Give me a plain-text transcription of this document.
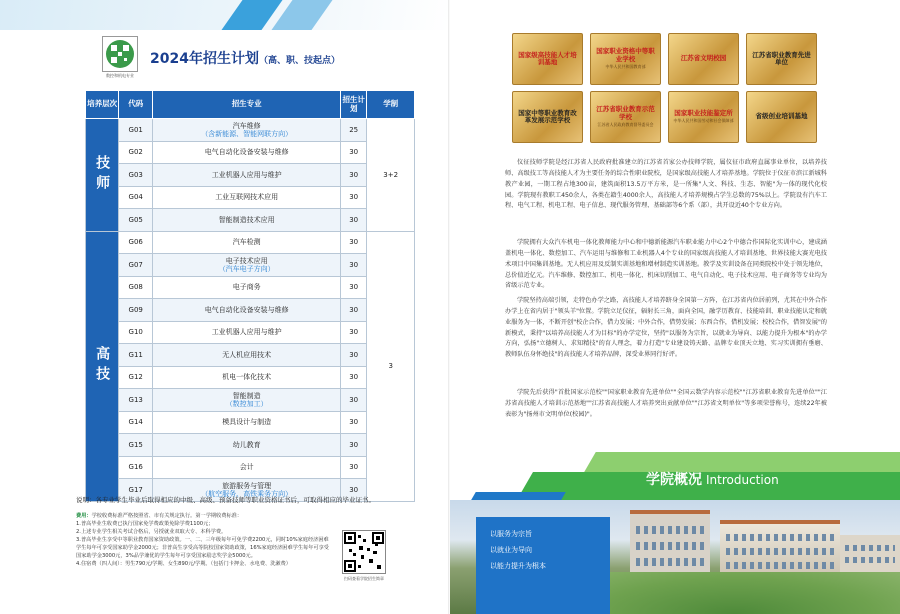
数控和机电专业
2024年招生计划（高、职、技起点）
培养层次	代码	招生专业	招生计划	学制
技师	G01	汽车维修
（含新能源、智能网联方向）	25	3+2
	G02	电气自动化设备安装与维修	30	
	G03	工业机器人应用与维护	30	
	G04	工业互联网技术应用	30	
	G05	智能制造技术应用	30	
高技	G06	汽车检测	30	3
	G07	电子技术应用
（汽车电子方向）	30	
	G08	电子商务	30	
	G09	电气自动化设备安装与维修	30	
	G10	工业机器人应用与维护	30	
	G11	无人机应用技术	30	
	G12	机电一体化技术	30	
	G13	智能制造
（数控加工）	30	
	G14	模具设计与制造	30	
	G15	幼儿教育	30	
	G16	会计	30	
	G17	旅游服务与管理
（航空服务、高铁乘务方向）	30	
说明：各专业学生毕业后取得相应的中级、高级、预备技师等职业资格证书后，可取得相应的毕业证书。
费用：学校收费标准严格按照省、市有关规定执行。第一学期收费标准：
1.普高毕业生收费已执行国家免学费政策免除学费1100元；
2.上述专业学生相关考试合格后，另授就业双取大专、本科学费。
3.普高毕业生享受中等职业教育国家资助政策。一、二、三年级每年可免学费2200元，同时10%家庭经济困难学生每年可享受国家助学金2000元；非普高生享受高等院校国家资助政策，16%家庭经济困难学生每年可享受国家助学金3000元，3%品学兼优的学生每年可享受国家励志奖学金5000元。
4.住宿费（四人间）：男生790元/学期、女生890元/学期。（包括门卡押金、水电费、洗漱费）
扫码查看学院招生简章
国家级高技能人才培训基地
国家职业资格中等职业学校
中华人民共和国教育部
江苏省文明校园	江苏省职业教育先进单位
国家中等职业教育改革发展示范学校
江苏省职业教育示范学校
江苏省人民政府教育督导委员会
国家职业技能鉴定所
中华人民共和国劳动和社会保障部
省级创业培训基地
仪征技师学院是经江苏省人民政府批准建立的江苏省首家公办技师学院，属仪征市政府直属事业单位，以培养技师、高级技工等高技能人才为主要任务的综合性职业院校，是国家级高技能人才培养基地。学院位于仪征市滨江新城科教产业园，一期工程占地300亩，建筑面积13.5万平方米，是一所集"人文、科技、生态、智能"为一体的现代化校园。学院现有教职工450余人，各类在籍生4000余人，高技能人才培养规模占学生总数的75%以上。学院设有汽车工程、电气工程、机电工程、电子信息、现代服务管理、基础部等6个系（部），共开设近40个专业方向。
学院拥有大众汽车机电一体化教师能力中心和中德新能源汽车职业能力中心2个中德合作国际化实训中心，建成涵盖机电一体化、数控加工、汽车运用与维修和工业机器人4个专业的国家级高技能人才培训基地、世界技能大赛光电技术项目中国集训基地。无人机应用及反制实训基地和增材制造实训基地。教学及实训设备在同类院校中处于领先地位，总价值近亿元。汽车维修、数控加工、机电一体化、机床切削加工、电气自动化、电子技术应用、电子商务等专业均为省级示范专业。
学院坚持高端引领，走特色办学之路，高技能人才培养跻身全国第一方阵，在江苏省内位居前列，尤其在中外合作办学上在省内居于"领头羊"位置。学院立足仪征，辐射长三角，面向全国，融学历教育、技能培训、职业技能认定和就业服务为一体，不断开创"校企合作，借力发展；中外合作，借势发展；东西合作，借机发展；校校合作，借智发展"的新模式，秉持"以培养高技能人才为目标"的办学定位，坚持"以服务为宗旨，以就业为导向、以能力提升为根本"的办学方向，弘扬"立德树人、求知精技"的育人理念，着力打造"专业建设铸天路、品牌专业顶天立地、实习实训拥有垂磨、教师队伍身怀绝技"的高技能人才培养品牌，深受业界同行好评。
学院先后获得"首批国家示范校""国家职业教育先进单位""全国云数学内容示范校""江苏省职业教育先进单位""江苏省高技能人才培训示范基地""江苏省高技能人才培养突出贡献单位""江苏省文明单位"等多项荣誉称号，连续22年被表彰为"扬州市文明单位(校园)"。
学院概况 Introduction
以服务为宗旨
以就业为导向
以能力提升为根本
